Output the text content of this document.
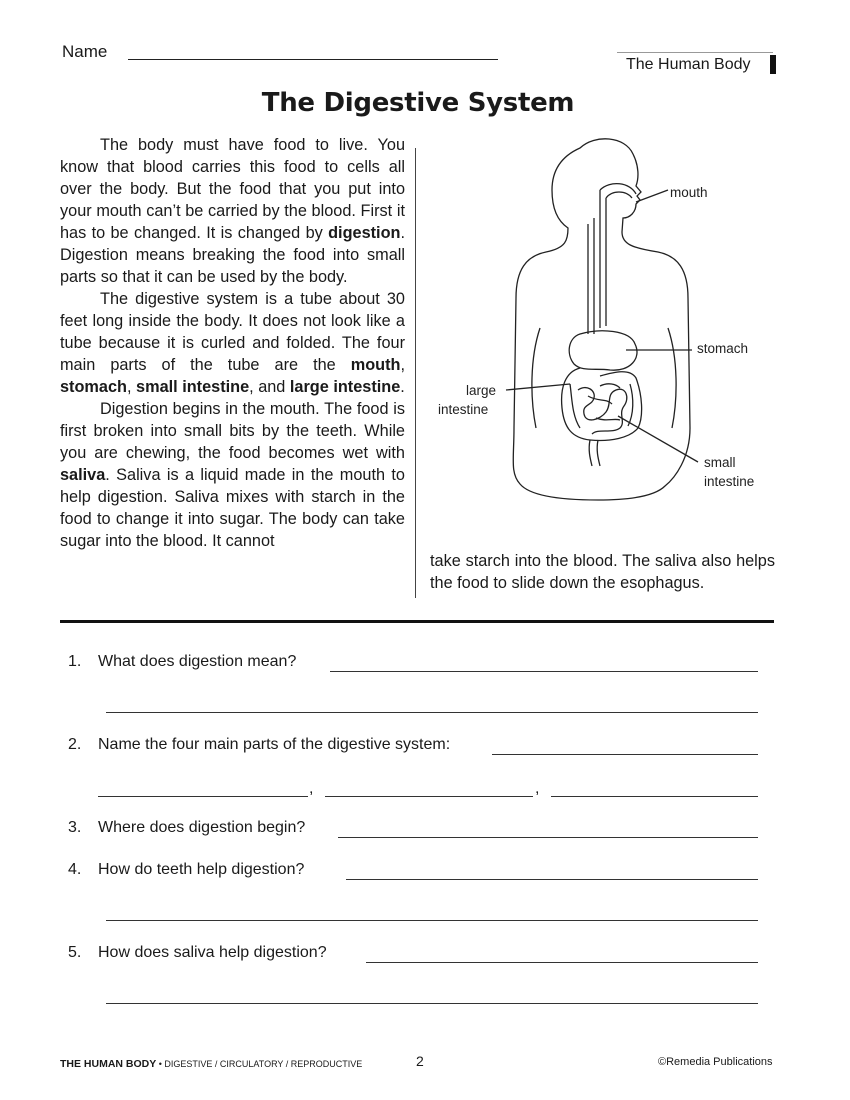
Name
The Human Body
The Digestive System

The body must have food to live. You know that blood carries this food to cells all over the body. But the food that you put into your mouth can’t be carried by the blood. First it has to be changed. It is changed by digestion. Digestion means breaking the food into small parts so that it can be used by the body.

The digestive system is a tube about 30 feet long inside the body. It does not look like a tube because it is curled and folded. The four main parts of the tube are the mouth, stomach, small intestine, and large intestine.

Digestion begins in the mouth. The food is first broken into small bits by the teeth. While you are chewing, the food becomes wet with saliva. Saliva is a liquid made in the mouth to help digestion. Saliva mixes with starch in the food to change it into sugar. The body can take sugar into the blood. It cannot

mouth
stomach
large
intestine
small
intestine

take starch into the blood. The saliva also helps the food to slide down the esophagus.

1. What does digestion mean?
2. Name the four main parts of the digestive system:
,	,
3. Where does digestion begin?
4. How do teeth help digestion?
5. How does saliva help digestion?
THE HUMAN BODY • DIGESTIVE / CIRCULATORY / REPRODUCTIVE	2	©Remedia Publications
